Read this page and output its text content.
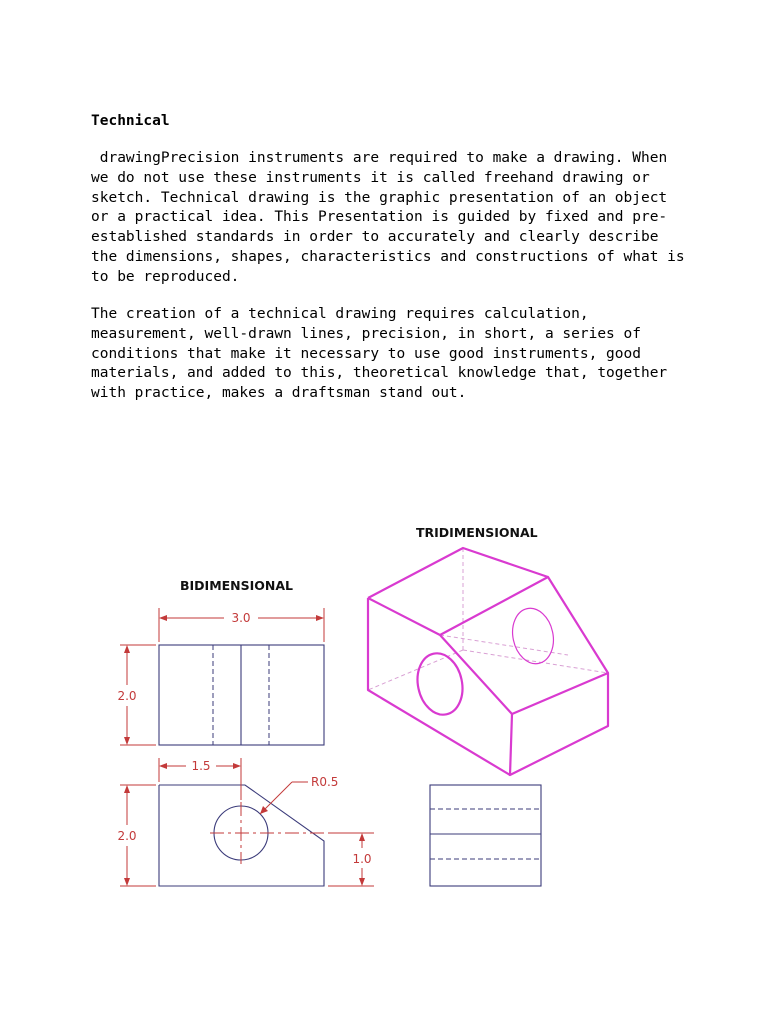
Technical

drawingPrecision instruments are required to make a drawing. When we do not use these instruments it is called freehand drawing or sketch. Technical drawing is the graphic presentation of an object or a practical idea. This Presentation is guided by fixed and pre-established standards in order to accurately and clearly describe the dimensions, shapes, characteristics and constructions of what is to be reproduced.

The creation of a technical drawing requires calculation, measurement, well-drawn lines, precision, in short, a series of conditions that make it necessary to use good instruments, good materials, and added to this, theoretical knowledge that, together with practice, makes a draftsman stand out.

BIDIMENSIONAL
TRIDIMENSIONAL
3.0
2.0
1.5
R0.5
2.0
1.0
